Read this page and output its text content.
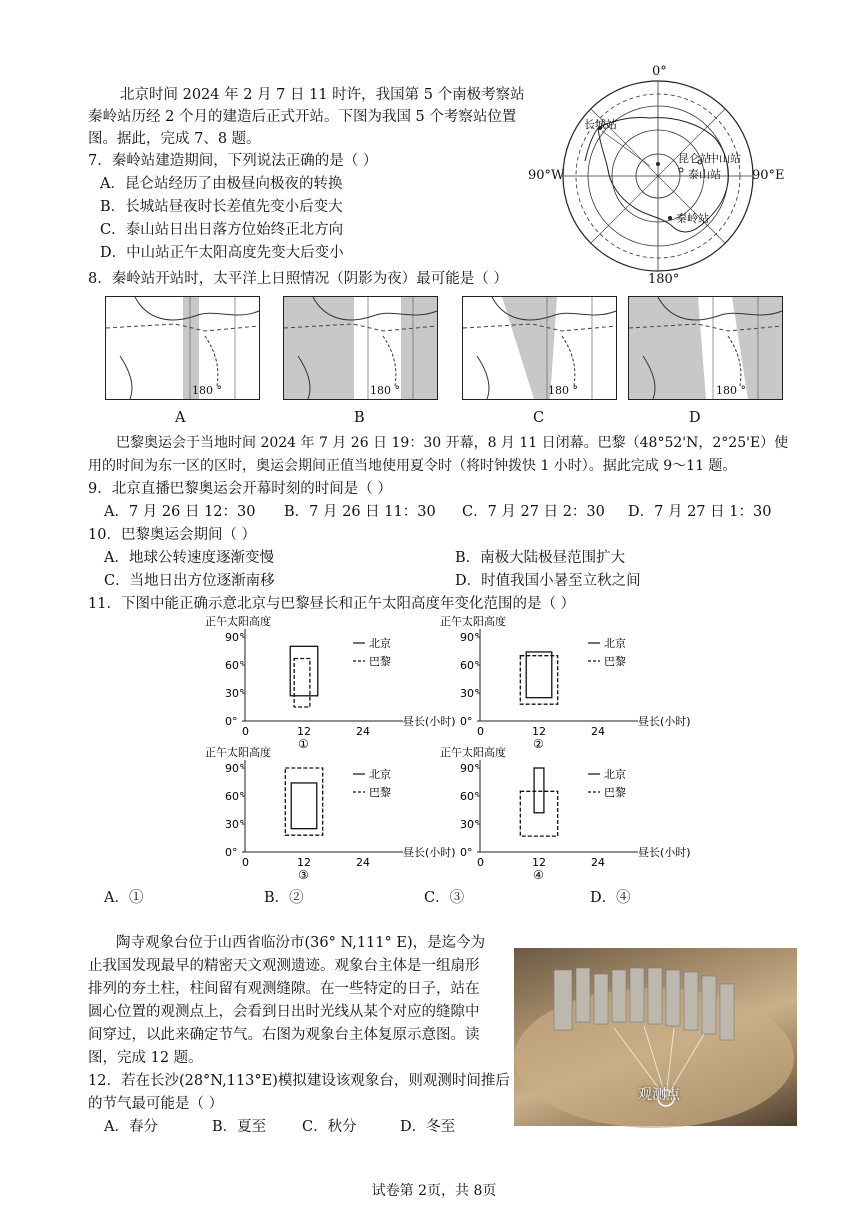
北京时间 2024 年 2 月 7 日 11 时许，我国第 5 个南极考察站
秦岭站历经 2 个月的建造后正式开站。下图为我国 5 个考察站位置
图。据此，完成 7、8 题。
7．秦岭站建造期间，下列说法正确的是（ ）
A．昆仑站经历了由极昼向极夜的转换
B．长城站昼夜时长差值先变小后变大
C．泰山站日出日落方位始终正北方向
D．中山站正午太阳高度先变大后变小
0°
90°W	90°E
180°
长城站
昆仑站
中山站
泰山站
秦岭站
8．秦岭站开站时，太平洋上日照情况（阴影为夜）最可能是（ ）
180 °	180 °	180 °	180 °
A	B	C	D
巴黎奥运会于当地时间 2024 年 7 月 26 日 19：30 开幕，8 月 11 日闭幕。巴黎（48°52'N，2°25'E）使
用的时间为东一区的区时，奥运会期间正值当地使用夏令时（将时钟拨快 1 小时）。据此完成 9～11 题。
9．北京直播巴黎奥运会开幕时刻的时间是（ ）
A．7 月 26 日 12：30 B．7 月 26 日 11：30 C．7 月 27 日 2：30 D．7 月 27 日 1：30
10．巴黎奥运会期间（ ）
A．地球公转速度逐渐变慢	B．南极大陆极昼范围扩大
C．当地日出方位逐渐南移	D．时值我国小暑至立秋之间
11．下图中能正确示意北京与巴黎昼长和正午太阳高度年变化范围的是（ ）
正午太阳高度
0°
30°
60°
90°
0	12	24
昼长(小时)
①
北京
巴黎
正午太阳高度
0°
30°
60°
90°
0	12	24
昼长(小时)
②
北京
巴黎
正午太阳高度
0°
30°
60°
90°
0	12	24
昼长(小时)
③
北京
巴黎
正午太阳高度
0°
30°
60°
90°
0	12	24
昼长(小时)
④
北京
巴黎
A．①	B．②	C．③	D．④
陶寺观象台位于山西省临汾市(36° N,111° E)，是迄今为
止我国发现最早的精密天文观测遗迹。观象台主体是一组扇形
排列的夯土柱，柱间留有观测缝隙。在一些特定的日子，站在
圆心位置的观测点上，会看到日出时光线从某个对应的缝隙中
间穿过，以此来确定节气。右图为观象台主体复原示意图。读
图，完成 12 题。
观测点
12．若在长沙(28°N,113°E)模拟建设该观象台，则观测时间推后
的节气最可能是（ ）
A．春分	B．夏至 C．秋分	D．冬至
试卷第 2页，共 8页
